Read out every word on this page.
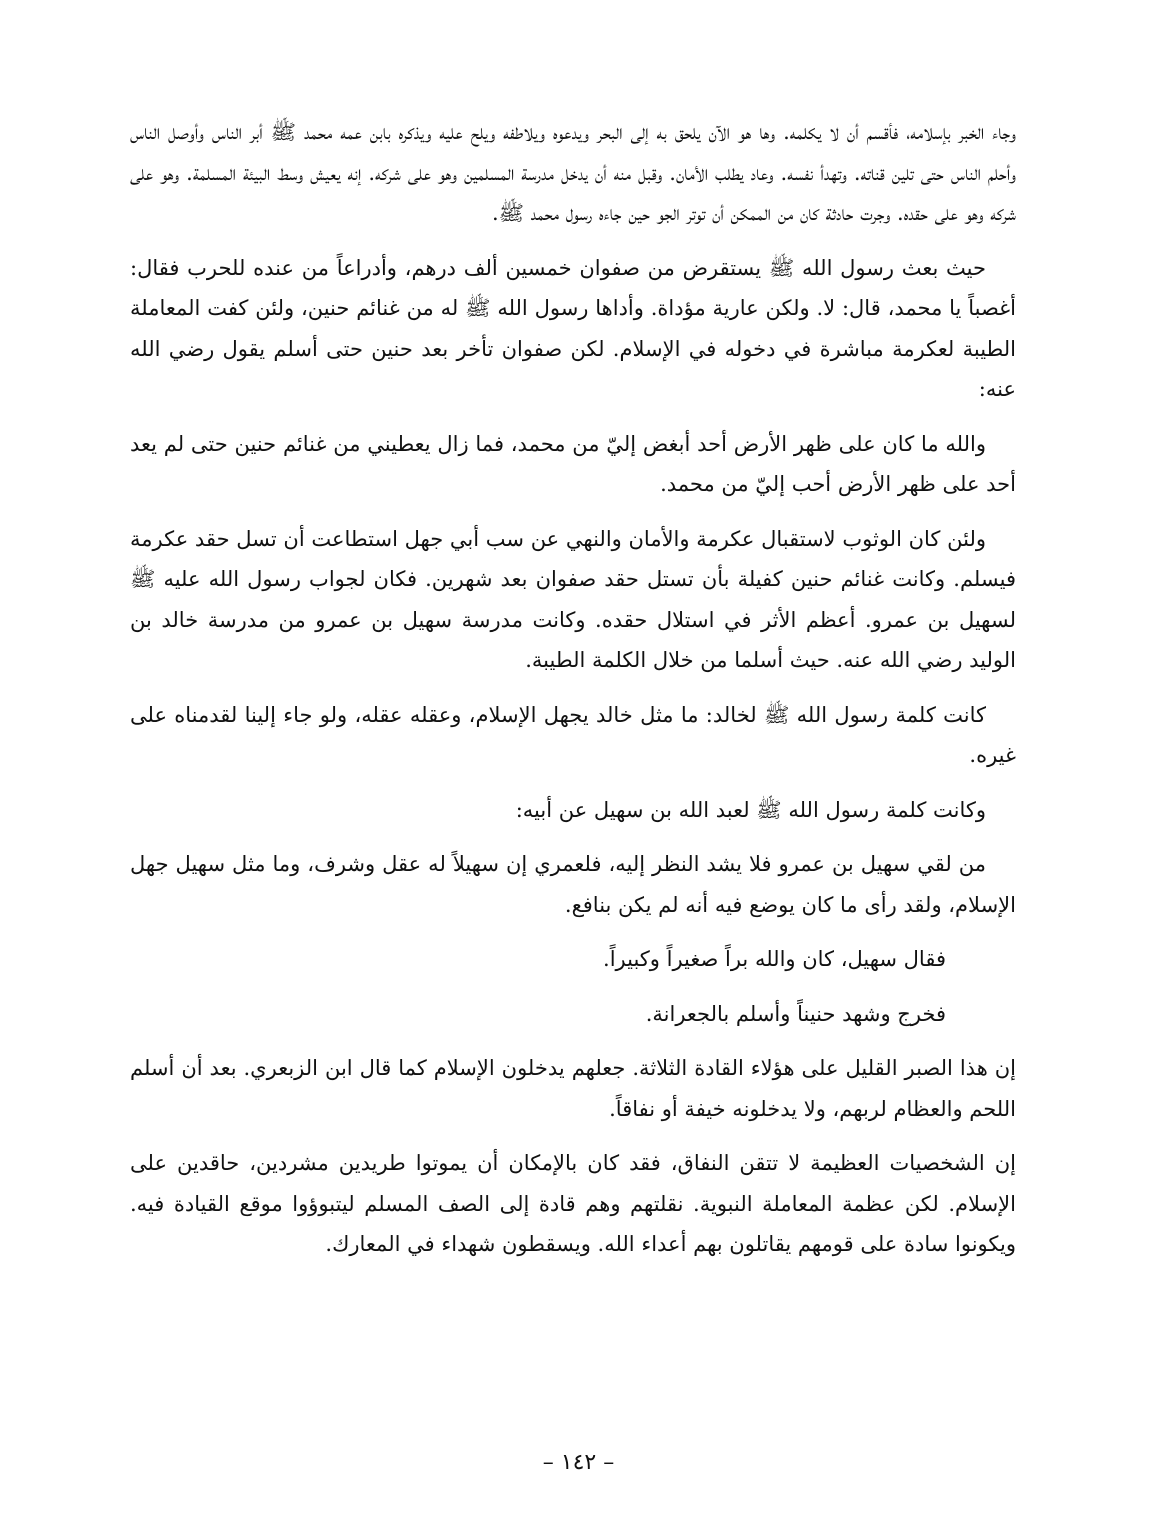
وجاء الخبر بإسلامه، فأقسم أن لا يكلمه. وها هو الآن يلحق به إلى البحر ويدعوه ويلاطفه ويلح عليه ويذكره بابن عمه محمد ﷺ أبر الناس وأوصل الناس وأحلم الناس حتى تلين قناته. وتهدأ نفسه. وعاد يطلب الأمان. وقبل منه أن يدخل مدرسة المسلمين وهو على شركه. إنه يعيش وسط البيئة المسلمة. وهو على شركه وهو على حقده. وجرت حادثة كان من الممكن أن توتر الجو حين جاءه رسول محمد ﷺ.

حيث بعث رسول الله ﷺ يستقرض من صفوان خمسين ألف درهم، وأدراعاً من عنده للحرب فقال: أغصباً يا محمد، قال: لا. ولكن عارية مؤداة. وأداها رسول الله ﷺ له من غنائم حنين، ولئن كفت المعاملة الطيبة لعكرمة مباشرة في دخوله في الإسلام. لكن صفوان تأخر بعد حنين حتى أسلم يقول رضي الله عنه:

والله ما كان على ظهر الأرض أحد أبغض إليّ من محمد، فما زال يعطيني من غنائم حنين حتى لم يعد أحد على ظهر الأرض أحب إليّ من محمد.

ولئن كان الوثوب لاستقبال عكرمة والأمان والنهي عن سب أبي جهل استطاعت أن تسل حقد عكرمة فيسلم. وكانت غنائم حنين كفيلة بأن تستل حقد صفوان بعد شهرين. فكان لجواب رسول الله عليه ﷺ لسهيل بن عمرو. أعظم الأثر في استلال حقده. وكانت مدرسة سهيل بن عمرو من مدرسة خالد بن الوليد رضي الله عنه. حيث أسلما من خلال الكلمة الطيبة.

كانت كلمة رسول الله ﷺ لخالد: ما مثل خالد يجهل الإسلام، وعقله عقله، ولو جاء إلينا لقدمناه على غيره.

وكانت كلمة رسول الله ﷺ لعبد الله بن سهيل عن أبيه:

من لقي سهيل بن عمرو فلا يشد النظر إليه، فلعمري إن سهيلاً له عقل وشرف، وما مثل سهيل جهل الإسلام، ولقد رأى ما كان يوضع فيه أنه لم يكن بنافع.

فقال سهيل، كان والله براً صغيراً وكبيراً.

فخرج وشهد حنيناً وأسلم بالجعرانة.

إن هذا الصبر القليل على هؤلاء القادة الثلاثة. جعلهم يدخلون الإسلام كما قال ابن الزبعري. بعد أن أسلم اللحم والعظام لربهم، ولا يدخلونه خيفة أو نفاقاً.

إن الشخصيات العظيمة لا تتقن النفاق، فقد كان بالإمكان أن يموتوا طريدين مشردين، حاقدين على الإسلام. لكن عظمة المعاملة النبوية. نقلتهم وهم قادة إلى الصف المسلم ليتبوؤوا موقع القيادة فيه. ويكونوا سادة على قومهم يقاتلون بهم أعداء الله. ويسقطون شهداء في المعارك.

– ١٤٢ –
